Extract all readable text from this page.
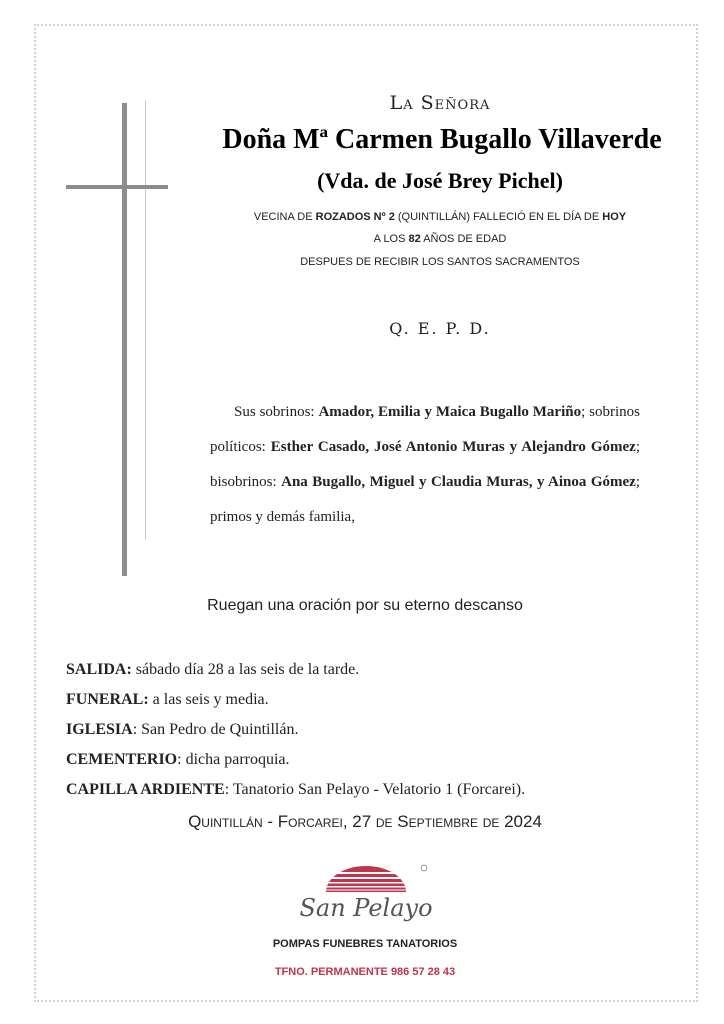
La Señora
Doña Mª Carmen Bugallo Villaverde
(Vda. de José Brey Pichel)
VECINA DE ROZADOS Nº 2 (QUINTILLÁN) FALLECIÓ EN EL DÍA DE HOY
A LOS 82 AÑOS DE EDAD
DESPUES DE RECIBIR LOS SANTOS SACRAMENTOS
Q. E. P. D.
Sus sobrinos: Amador, Emilia y Maica Bugallo Mariño; sobrinos políticos: Esther Casado, José Antonio Muras y Alejandro Gómez; bisobrinos: Ana Bugallo, Miguel y Claudia Muras, y Ainoa Gómez; primos y demás familia,
Ruegan una oración por su eterno descanso
SALIDA: sábado día 28 a las seis de la tarde.
FUNERAL: a las seis y media.
IGLESIA: San Pedro de Quintillán.
CEMENTERIO: dicha parroquia.
CAPILLA ARDIENTE: Tanatorio San Pelayo - Velatorio 1 (Forcarei).
Quintillán - Forcarei, 27 de Septiembre de 2024
San Pelayo
POMPAS FUNEBRES TANATORIOS
TFNO. PERMANENTE 986 57 28 43
